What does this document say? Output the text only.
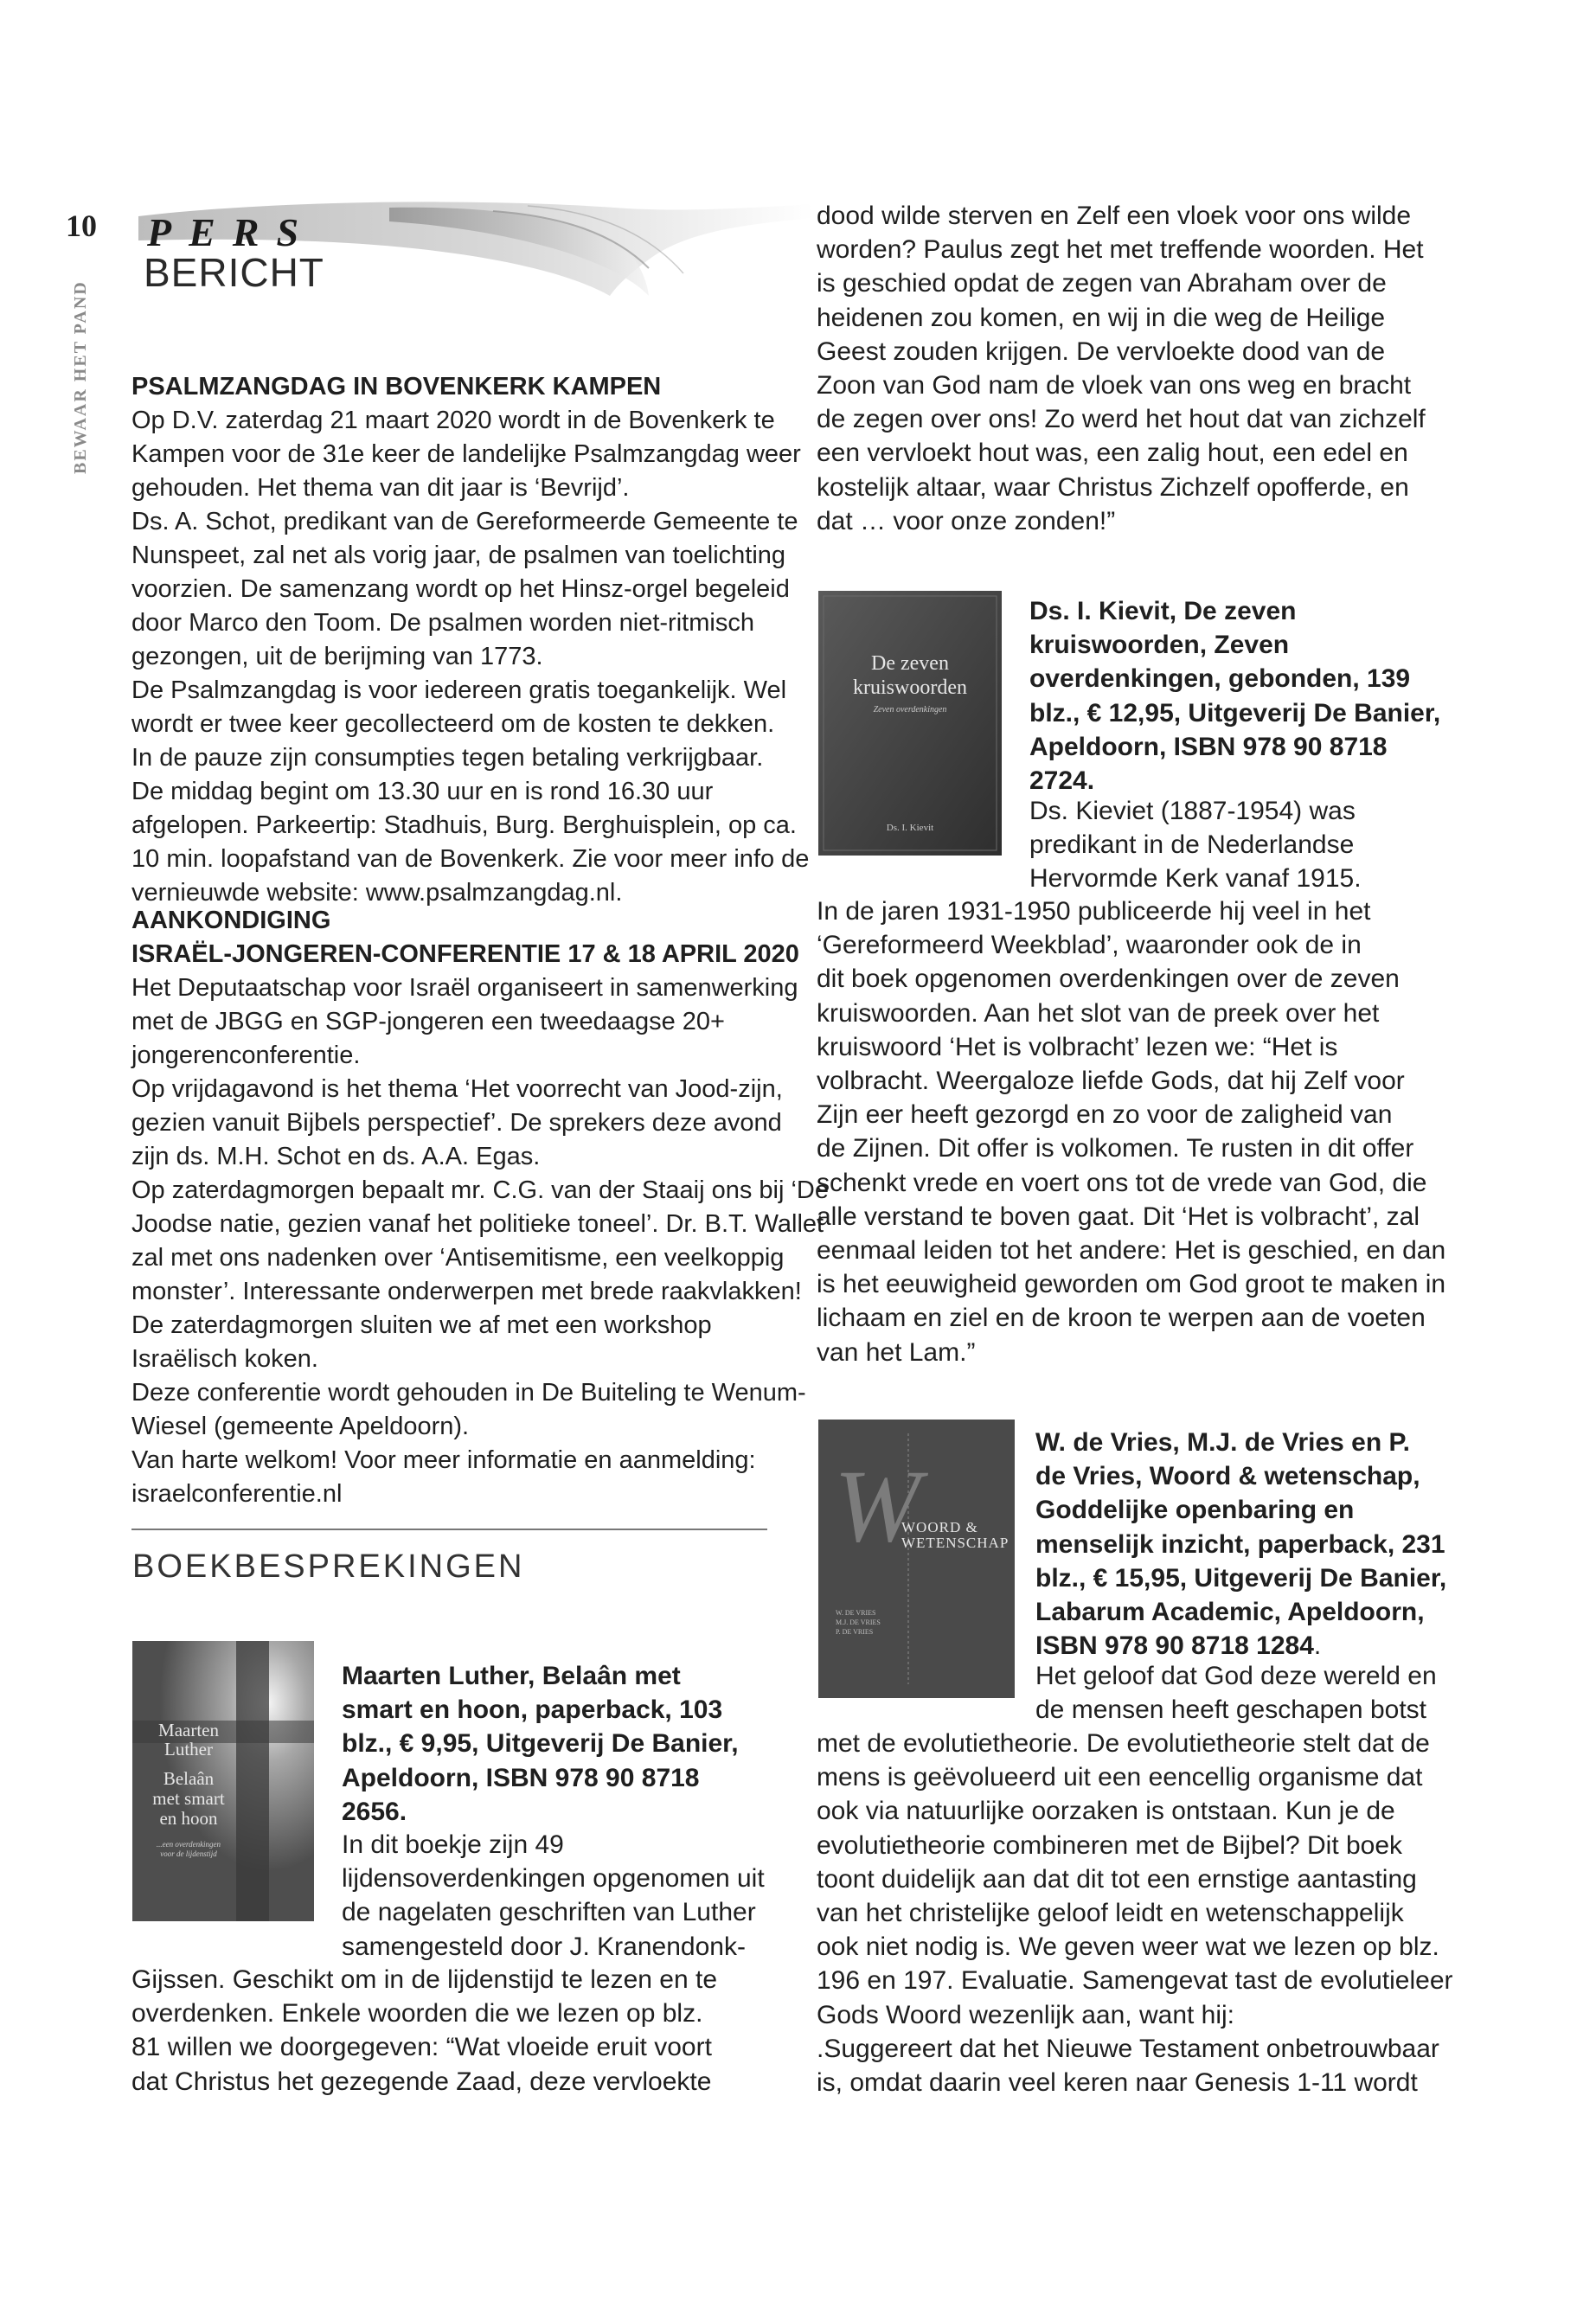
10
BEWAAR HET PAND
PERS
BERICHT
PSALMZANGDAG IN BOVENKERK KAMPEN
Op D.V. zaterdag 21 maart 2020 wordt in de Bovenkerk te
Kampen voor de 31e keer de landelijke Psalmzangdag weer
gehouden. Het thema van dit jaar is ‘Bevrijd’.
Ds. A. Schot, predikant van de Gereformeerde Gemeente te
Nunspeet, zal net als vorig jaar, de psalmen van toelichting
voorzien. De samenzang wordt op het Hinsz-orgel begeleid
door Marco den Toom. De psalmen worden niet-ritmisch
gezongen, uit de berijming van 1773.
De Psalmzangdag is voor iedereen gratis toegankelijk. Wel
wordt er twee keer gecollecteerd om de kosten te dekken.
In de pauze zijn consumpties tegen betaling verkrijgbaar.
De middag begint om 13.30 uur en is rond 16.30 uur
afgelopen. Parkeertip: Stadhuis, Burg. Berghuisplein, op ca.
10 min. loopafstand van de Bovenkerk. Zie voor meer info de
vernieuwde website: www.psalmzangdag.nl.
AANKONDIGING
ISRAËL-JONGEREN-CONFERENTIE 17 & 18 APRIL 2020
Het Deputaatschap voor Israël organiseert in samenwerking
met de JBGG en SGP-jongeren een tweedaagse 20+
jongerenconferentie.
Op vrijdagavond is het thema ‘Het voorrecht van Jood-zijn,
gezien vanuit Bijbels perspectief’. De sprekers deze avond
zijn ds. M.H. Schot en ds. A.A. Egas.
Op zaterdagmorgen bepaalt mr. C.G. van der Staaij ons bij ‘De
Joodse natie, gezien vanaf het politieke toneel’. Dr. B.T. Wallet
zal met ons nadenken over ‘Antisemitisme, een veelkoppig
monster’. Interessante onderwerpen met brede raakvlakken!
De zaterdagmorgen sluiten we af met een workshop
Israëlisch koken.
Deze conferentie wordt gehouden in De Buiteling te Wenum-
Wiesel (gemeente Apeldoorn).
Van harte welkom! Voor meer informatie en aanmelding:
israelconferentie.nl
BOEKBESPREKINGEN
Maarten
Luther
Belaân
met smart
en hoon
...een overdenkingen
voor de lijdenstijd
Maarten Luther, Belaân met
smart en hoon, paperback, 103
blz., € 9,95, Uitgeverij De Banier,
Apeldoorn, ISBN 978 90 8718
2656.
In dit boekje zijn 49
lijdensoverdenkingen opgenomen uit
de nagelaten geschriften van Luther
samengesteld door J. Kranendonk-
Gijssen. Geschikt om in de lijdenstijd te lezen en te
overdenken. Enkele woorden die we lezen op blz.
81 willen we doorgegeven: “Wat vloeide eruit voort
dat Christus het gezegende Zaad, deze vervloekte
dood wilde sterven en Zelf een vloek voor ons wilde
worden? Paulus zegt het met treffende woorden. Het
is geschied opdat de zegen van Abraham over de
heidenen zou komen, en wij in die weg de Heilige
Geest zouden krijgen. De vervloekte dood van de
Zoon van God nam de vloek van ons weg en bracht
de zegen over ons! Zo werd het hout dat van zichzelf
een vervloekt hout was, een zalig hout, een edel en
kostelijk altaar, waar Christus Zichzelf opofferde, en
dat … voor onze zonden!”
De zeven
kruiswoorden
Zeven overdenkingen
Ds. I. Kievit
Ds. I. Kievit, De zeven
kruiswoorden, Zeven
overdenkingen, gebonden, 139
blz., € 12,95, Uitgeverij De Banier,
Apeldoorn, ISBN 978 90 8718
2724.
Ds. Kieviet (1887-1954) was
predikant in de Nederlandse
Hervormde Kerk vanaf 1915.
In de jaren 1931-1950 publiceerde hij veel in het
‘Gereformeerd Weekblad’, waaronder ook de in
dit boek opgenomen overdenkingen over de zeven
kruiswoorden. Aan het slot van de preek over het
kruiswoord ‘Het is volbracht’ lezen we: “Het is
volbracht. Weergaloze liefde Gods, dat hij Zelf voor
Zijn eer heeft gezorgd en zo voor de zaligheid van
de Zijnen. Dit offer is volkomen. Te rusten in dit offer
schenkt vrede en voert ons tot de vrede van God, die
alle verstand te boven gaat. Dit ‘Het is volbracht’, zal
eenmaal leiden tot het andere: Het is geschied, en dan
is het eeuwigheid geworden om God groot te maken in
lichaam en ziel en de kroon te werpen aan de voeten
van het Lam.”
W
WOORD &
WETENSCHAP
W. DE VRIES
M.J. DE VRIES
P. DE VRIES
W. de Vries, M.J. de Vries en P.
de Vries, Woord & wetenschap,
Goddelijke openbaring en
menselijk inzicht, paperback, 231
blz., € 15,95, Uitgeverij De Banier,
Labarum Academic, Apeldoorn,
ISBN 978 90 8718 1284.
Het geloof dat God deze wereld en
de mensen heeft geschapen botst
met de evolutietheorie. De evolutietheorie stelt dat de
mens is geëvolueerd uit een eencellig organisme dat
ook via natuurlijke oorzaken is ontstaan. Kun je de
evolutietheorie combineren met de Bijbel? Dit boek
toont duidelijk aan dat dit tot een ernstige aantasting
van het christelijke geloof leidt en wetenschappelijk
ook niet nodig is. We geven weer wat we lezen op blz.
196 en 197. Evaluatie. Samengevat tast de evolutieleer
Gods Woord wezenlijk aan, want hij:
.Suggereert dat het Nieuwe Testament onbetrouwbaar
is, omdat daarin veel keren naar Genesis 1-11 wordt
